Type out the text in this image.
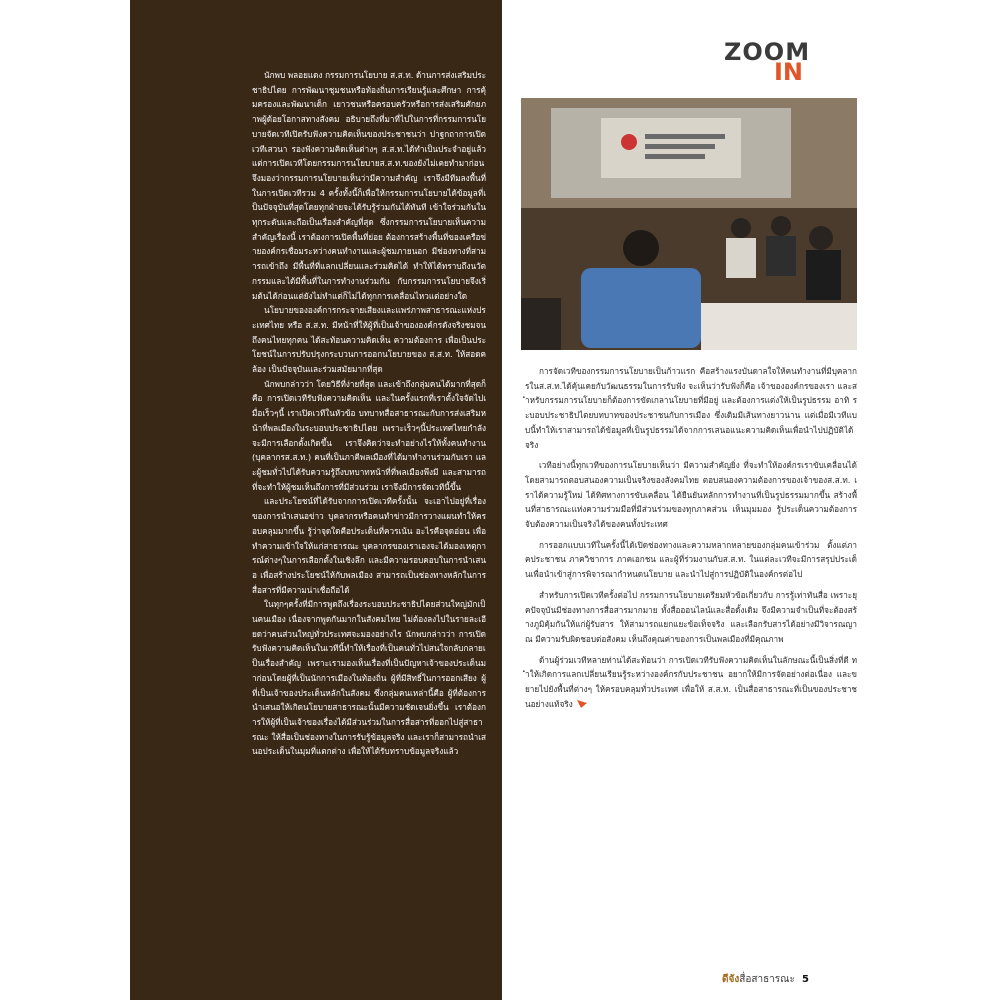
นักพบ พลอยแดง กรรมการนโยบาย ส.ส.ท. ด้านการส่งเสริมประชาธิปไตย การพัฒนาชุมชนหรือท้องถิ่นการเรียนรู้และศึกษา การคุ้มครองและพัฒนาเด็ก เยาวชนหรือครอบครัวหรือการส่งเสริมศักยภาพผู้ด้อยโอกาสทางสังคม อธิบายถึงที่มาที่ไปในการที่กรรมการนโยบายจัดเวทีเปิดรับฟังความคิดเห็นของประชาชนว่า ปาฐกถาการเปิดเวทีเสวนา รองฟังความคิดเห็นต่างๆ ส.ส.ท.ได้ทำเป็นประจำอยู่แล้ว แต่การเปิดเวทีโดยกรรมการนโยบายส.ส.ท.ของยังไม่เคยทำมาก่อน จึงมองว่ากรรมการนโยบายเห็นว่ามีความสำคัญ เราจึงมีทีมลงพื้นที่ในการเปิดเวทีรวม 4 ครั้งทั้งนี้ก็เพื่อให้กรรมการนโยบายได้ข้อมูลที่เป็นปัจจุบันที่สุดโดยทุกฝ่ายจะได้รับรู้ร่วมกันได้ทันที เข้าใจร่วมกันในทุกระดับและถือเป็นเรื่องสำคัญที่สุด ซึ่งกรรมการนโยบายเห็นความสำคัญเรื่องนี้ เราต้องการเปิดพื้นที่ย่อย ต้องการสร้างพื้นที่ของเครือข่ายองค์กรเชื่อมระหว่างคนทำงานและผู้ชมภายนอก มีช่องทางที่สามารถเข้าถึง มีพื้นที่ที่แลกเปลี่ยนและร่วมคิดได้ ทำให้ได้ทราบถึงนวัตกรรมและได้มีพื้นที่ในการทำงานร่วมกัน กับกรรมการนโยบายจึงเริ่มต้นได้ก่อนแต่ยังไม่ทำแต่ก็ไม่ได้ทุกการเคลื่อนไหวแต่อย่างใด

นโยบายขององค์การกระจายเสียงและแพร่ภาพสาธารณะแห่งประเทศไทย หรือ ส.ส.ท. มีหน้าที่ให้ผู้ที่เป็นเจ้าขององค์กรดังจริงชมจนถึงคนไทยทุกคน ได้สะท้อนความคิดเห็น ความต้องการ เพื่อเป็นประโยชน์ในการปรับปรุงกระบวนการออกนโยบายของ ส.ส.ท. ให้สอดคล้อง เป็นปัจจุบันและร่วมสมัยมากที่สุด

นักพบกล่าวว่า โดยวิธีที่ง่ายที่สุด และเข้าถึงกลุ่มคนได้มากที่สุดก็คือ การเปิดเวทีรับฟังความคิดเห็น และในครั้งแรกที่เราตั้งใจจัดไปเมื่อเร็วๆนี้ เราเปิดเวทีในหัวข้อ บทบาทสื่อสาธารณะกับการส่งเสริมหน้าที่พลเมืองในระบอบประชาธิปไตย เพราะเร็วๆนี้ประเทศไทยกำลังจะมีการเลือกตั้งเกิดขึ้น เราจึงคิดว่าจะทำอย่างไรให้ทั้งคนทำงาน (บุคลากรส.ส.ท.) คนที่เป็นภาคีพลเมืองที่ได้มาทำงานร่วมกับเรา และผู้ชมทั่วไปได้รับความรู้ถึงบทบาทหน้าที่ที่พลเมืองพึงมี และสามารถที่จะทำให้ผู้ชมเห็นถึงการที่มีส่วนร่วม เราจึงมีการจัดเวทีนี้ขึ้น

และประโยชน์ที่ได้รับจากการเปิดเวทีครั้งนั้น จะเอาไปอยู่ที่เรื่องของการนำเสนอข่าว บุคลากรหรือคนทำข่าวมีการวางแผนทำให้ครอบคลุมมากขึ้น รู้ว่าจุดใดคือประเด็นที่ควรเน้น อะไรคือจุดอ่อน เพื่อทำความเข้าใจให้แก่สาธารณะ บุคลากรของเราเองจะได้มองเหตุการณ์ต่างๆในการเลือกตั้งในเชิงลึก และมีความรอบคอบในการนำเสนอ เพื่อสร้างประโยชน์ให้กับพลเมือง สามารถเป็นช่องทางหลักในการสื่อสารที่มีความน่าเชื่อถือได้

ในทุกๆครั้งที่มีการพูดถึงเรื่องระบอบประชาธิปไตยส่วนใหญ่มักเป็นคนเมือง เนื่องจากพูดกันมากในสังคมไทย ไม่ต้องลงไปในรายละเอียดว่าคนส่วนใหญ่ทั่วประเทศจะมองอย่างไร นักพบกล่าวว่า การเปิดรับฟังความคิดเห็นในเวทีนี้ทำให้เรื่องที่เป็นคนทั่วไปสนใจกลับกลายเป็นเรื่องสำคัญ เพราะเรามองเห็นเรื่องที่เป็นปัญหาเจ้าของประเด็นมาก่อนโดยผู้ที่เป็นนักการเมืองในท้องถิ่น ผู้ที่มีสิทธิ์ในการออกเสียง ผู้ที่เป็นเจ้าของประเด็นหลักในสังคม ซึ่งกลุ่มคนเหล่านี้คือ ผู้ที่ต้องการนำเสนอให้เกิดนโยบายสาธารณะนั้นมีความชัดเจนยิ่งขึ้น เราต้องการให้ผู้ที่เป็นเจ้าของเรื่องได้มีส่วนร่วมในการสื่อสารที่ออกไปสู่สาธารณะ ให้สื่อเป็นช่องทางในการรับรู้ข้อมูลจริง และเราก็สามารถนำเสนอประเด็นในมุมที่แตกต่าง เพื่อให้ได้รับทราบข้อมูลจริงแล้ว

ZOOM
IN

การจัดเวทีของกรรมการนโยบายเป็นก้าวแรก คือสร้างแรงบันดาลใจให้คนทำงานที่มีบุคลากรในส.ส.ท.ได้คุ้นเคยกับวัฒนธรรมในการรับฟัง จะเห็นว่ารับฟังก็คือ เจ้าขององค์กรของเรา และสำหรับกรรมการนโยบายก็ต้องการขัดเกลานโยบายที่มีอยู่ และต้องการแต่งให้เป็นรูปธรรม อาทิ ระบอบประชาธิปไตยบทบาทของประชาชนกับการเมือง ซึ่งเดิมมีเส้นทางยาวนาน แต่เมื่อมีเวทีแบบนี้ทำให้เราสามารถได้ข้อมูลที่เป็นรูปธรรมได้จากการเสนอแนะความคิดเห็นเพื่อนำไปปฏิบัติได้จริง

เวทีอย่างนี้ทุกเวทีของการนโยบายเห็นว่า มีความสำคัญยิ่ง ที่จะทำให้องค์กรเราขับเคลื่อนได้โดยสามารถตอบสนองความเป็นจริงของสังคมไทย ตอบสนองความต้องการของเจ้าของส.ส.ท. เราได้ความรู้ใหม่ ได้ทิศทางการขับเคลื่อน ได้ยืนยันหลักการทำงานที่เป็นรูปธรรมมากขึ้น สร้างพื้นที่สาธารณะแห่งความร่วมมือที่มีส่วนร่วมของทุกภาคส่วน เห็นมุมมอง รู้ประเด็นความต้องการ จับต้องความเป็นจริงได้ของคนทั้งประเทศ

การออกแบบเวทีในครั้งนี้ได้เปิดช่องทางและความหลากหลายของกลุ่มคนเข้าร่วม ตั้งแต่ภาคประชาชน ภาควิชาการ ภาคเอกชน และผู้ที่ร่วมงานกับส.ส.ท. ในแต่ละเวทีจะมีการสรุปประเด็นเพื่อนำเข้าสู่การพิจารณากำหนดนโยบาย และนำไปสู่การปฏิบัติในองค์กรต่อไป

สำหรับการเปิดเวทีครั้งต่อไป กรรมการนโยบายเตรียมหัวข้อเกี่ยวกับ การรู้เท่าทันสื่อ เพราะยุคปัจจุบันมีช่องทางการสื่อสารมากมาย ทั้งสื่อออนไลน์และสื่อดั้งเดิม จึงมีความจำเป็นที่จะต้องสร้างภูมิคุ้มกันให้แก่ผู้รับสาร ให้สามารถแยกแยะข้อเท็จจริง และเลือกรับสารได้อย่างมีวิจารณญาณ มีความรับผิดชอบต่อสังคม เห็นถึงคุณค่าของการเป็นพลเมืองที่มีคุณภาพ

ด้านผู้ร่วมเวทีหลายท่านได้สะท้อนว่า การเปิดเวทีรับฟังความคิดเห็นในลักษณะนี้เป็นสิ่งที่ดี ทำให้เกิดการแลกเปลี่ยนเรียนรู้ระหว่างองค์กรกับประชาชน อยากให้มีการจัดอย่างต่อเนื่อง และขยายไปยังพื้นที่ต่างๆ ให้ครอบคลุมทั่วประเทศ เพื่อให้ ส.ส.ท. เป็นสื่อสาธารณะที่เป็นของประชาชนอย่างแท้จริง

ดีจังสื่อสาธารณะ 5
